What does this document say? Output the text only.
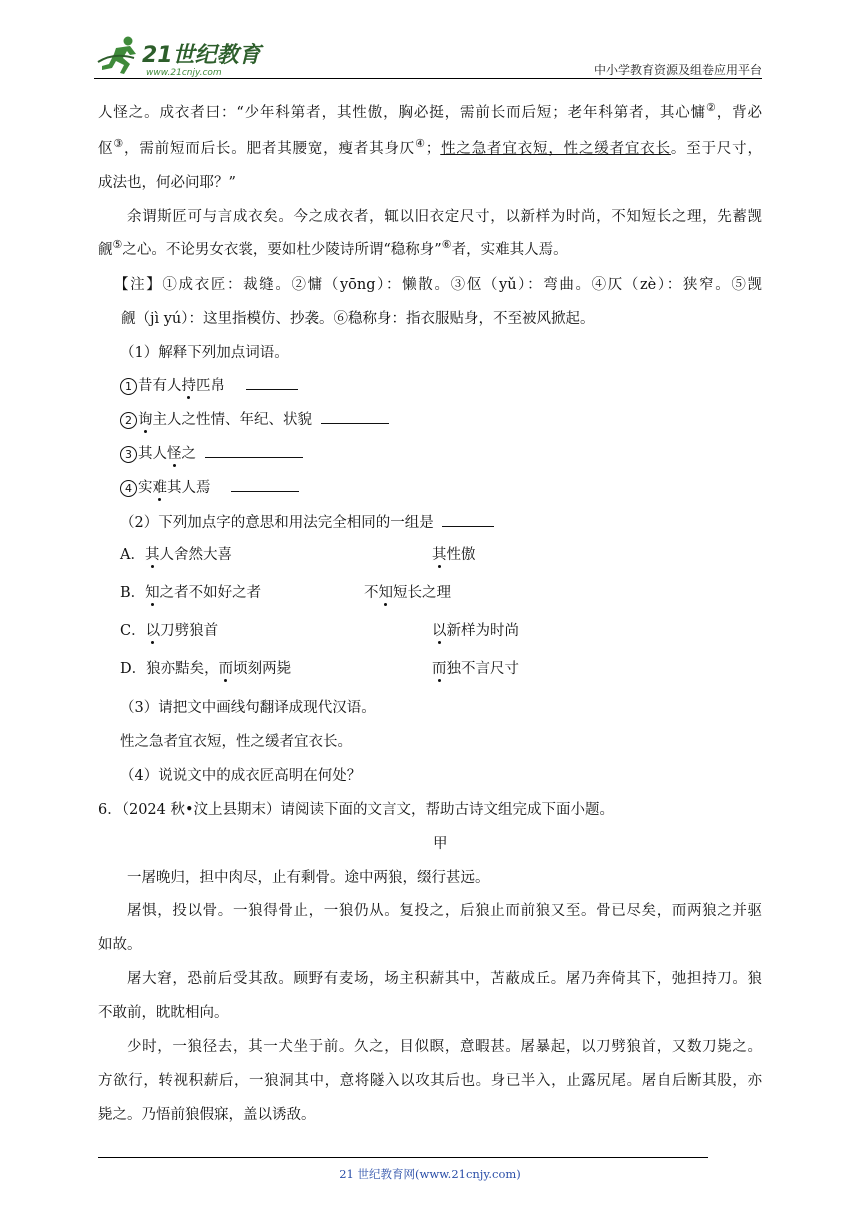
21世纪教育
www.21cnjy.com	中小学教育资源及组卷应用平台
人怪之。成衣者曰：“少年科第者，其性傲，胸必挺，需前长而后短；老年科第者，其心慵②，背必
伛③，需前短而后长。肥者其腰宽，瘦者其身仄④；性之急者宜衣短，性之缓者宜衣长。至于尺寸，
成法也，何必问耶？”
余谓斯匠可与言成衣矣。今之成衣者，辄以旧衣定尺寸，以新样为时尚，不知短长之理，先蓄觊
觎⑤之心。不论男女衣裳，要如杜少陵诗所谓“稳称身”⑥者，实难其人焉。
【注】①成衣匠：裁缝。②慵（yōng）：懒散。③伛（yǔ）：弯曲。④仄（zè）：狭窄。⑤觊
觎（jì yú）：这里指模仿、抄袭。⑥稳称身：指衣服贴身，不至被风掀起。
（1）解释下列加点词语。
1 昔有人持匹帛
2 询主人之性情、年纪、状貌
3 其人怪之
4 实难其人焉
（2）下列加点字的意思和用法完全相同的一组是
A．其人舍然大喜	其性傲
B．知之者不如好之者	不知短长之理
C．以刀劈狼首	以新样为时尚
D．狼亦黠矣，而顷刻两毙	而独不言尺寸
（3）请把文中画线句翻译成现代汉语。
性之急者宜衣短，性之缓者宜衣长。
（4）说说文中的成衣匠高明在何处？
6．（2024 秋•汶上县期末）请阅读下面的文言文，帮助古诗文组完成下面小题。
甲
一屠晚归，担中肉尽，止有剩骨。途中两狼，缀行甚远。
屠惧，投以骨。一狼得骨止，一狼仍从。复投之，后狼止而前狼又至。骨已尽矣，而两狼之并驱
如故。
屠大窘，恐前后受其敌。顾野有麦场，场主积薪其中，苫蔽成丘。屠乃奔倚其下，弛担持刀。狼
不敢前，眈眈相向。
少时，一狼径去，其一犬坐于前。久之，目似瞑，意暇甚。屠暴起，以刀劈狼首，又数刀毙之。
方欲行，转视积薪后，一狼洞其中，意将隧入以攻其后也。身已半入，止露尻尾。屠自后断其股，亦
毙之。乃悟前狼假寐，盖以诱敌。
21 世纪教育网(www.21cnjy.com)
